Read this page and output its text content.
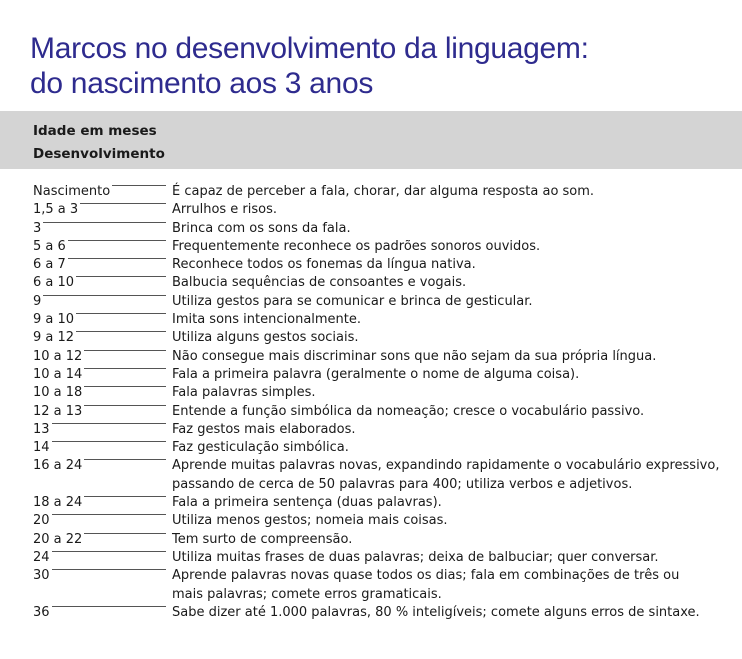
Marcos no desenvolvimento da linguagem:
do nascimento aos 3 anos
Idade em meses
Desenvolvimento
Nascimento	É capaz de perceber a fala, chorar, dar alguma resposta ao som.
1,5 a 3	Arrulhos e risos.
3	Brinca com os sons da fala.
5 a 6	Frequentemente reconhece os padrões sonoros ouvidos.
6 a 7	Reconhece todos os fonemas da língua nativa.
6 a 10	Balbucia sequências de consoantes e vogais.
9	Utiliza gestos para se comunicar e brinca de gesticular.
9 a 10	Imita sons intencionalmente.
9 a 12	Utiliza alguns gestos sociais.
10 a 12	Não consegue mais discriminar sons que não sejam da sua própria língua.
10 a 14	Fala a primeira palavra (geralmente o nome de alguma coisa).
10 a 18	Fala palavras simples.
12 a 13	Entende a função simbólica da nomeação; cresce o vocabulário passivo.
13	Faz gestos mais elaborados.
14	Faz gesticulação simbólica.
16 a 24	Aprende muitas palavras novas, expandindo rapidamente o vocabulário expressivo,
passando de cerca de 50 palavras para 400; utiliza verbos e adjetivos.
18 a 24	Fala a primeira sentença (duas palavras).
20	Utiliza menos gestos; nomeia mais coisas.
20 a 22	Tem surto de compreensão.
24	Utiliza muitas frases de duas palavras; deixa de balbuciar; quer conversar.
30	Aprende palavras novas quase todos os dias; fala em combinações de três ou
mais palavras; comete erros gramaticais.
36	Sabe dizer até 1.000 palavras, 80 % inteligíveis; comete alguns erros de sintaxe.
